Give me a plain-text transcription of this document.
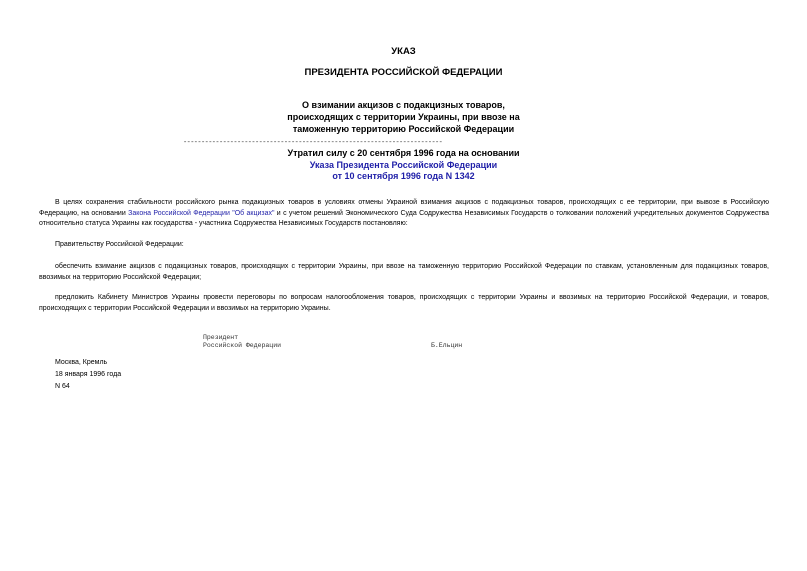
УКАЗ
ПРЕЗИДЕНТА РОССИЙСКОЙ ФЕДЕРАЦИИ
О взимании акцизов с подакцизных товаров,
происходящих с территории Украины, при ввозе на
таможенную территорию Российской Федерации
------------------------------------------------------------------------
Утратил силу с 20 сентября 1996 года на основании
Указа Президента Российской Федерации
от 10 сентября 1996 года N 1342
В целях сохранения стабильности российского рынка подакцизных товаров в условиях отмены Украиной взимания акцизов с подакцизных товаров, происходящих с ее территории, при вывозе в Российскую Федерацию, на основании Закона Российской Федерации "Об акцизах" и с учетом решений Экономического Суда Содружества Независимых Государств о толковании положений учредительных документов Содружества относительно статуса Украины как государства - участника Содружества Независимых Государств постановляю:
Правительству Российской Федерации:
обеспечить взимание акцизов с подакцизных товаров, происходящих с территории Украины, при ввозе на таможенную территорию Российской Федерации по ставкам, установленным для подакцизных товаров, ввозимых на территорию Российской Федерации;
предложить Кабинету Министров Украины провести переговоры по вопросам налогообложения товаров, происходящих с территории Украины и ввозимых на территорию Российской Федерации, и товаров, происходящих с территории Российской Федерации и ввозимых на территорию Украины.
Президент
Российской Федерации	Б.Ельцин
Москва, Кремль
18 января 1996 года
N 64
